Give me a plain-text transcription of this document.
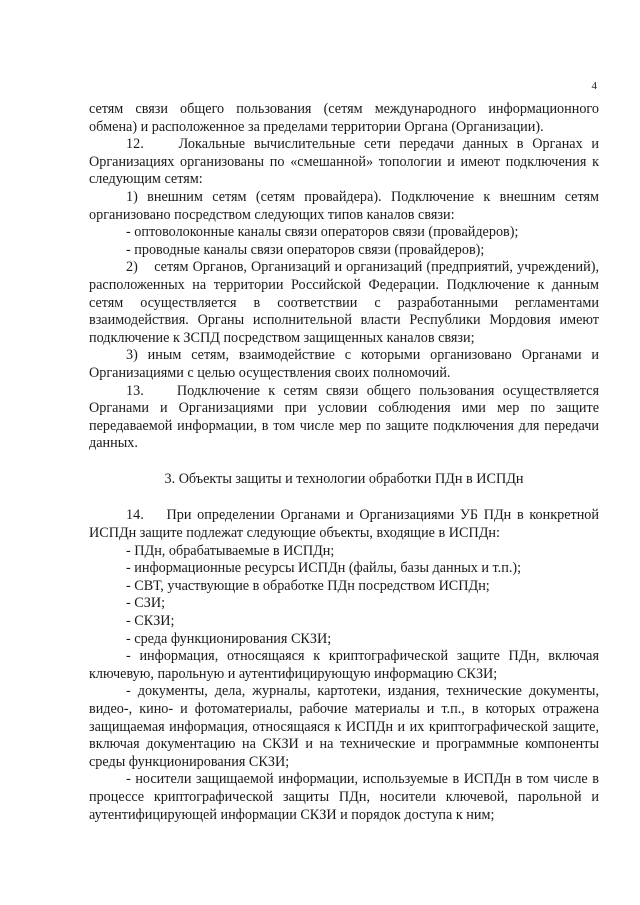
4

сетям связи общего пользования (сетям международного информационного обмена) и расположенное за пределами территории Органа (Организации).

12.    Локальные вычислительные сети передачи данных в Органах и Организациях организованы по «смешанной» топологии и имеют подключения к следующим сетям:

1) внешним сетям (сетям провайдера). Подключение к внешним сетям организовано посредством следующих типов каналов связи:

- оптоволоконные каналы связи операторов связи (провайдеров);

- проводные каналы связи операторов связи (провайдеров);

2)    сетям Органов, Организаций и организаций (предприятий, учреждений), расположенных на территории Российской Федерации. Подключение к данным сетям осуществляется в соответствии с разработанными регламентами взаимодействия. Органы исполнительной власти Республики Мордовия имеют подключение к ЗСПД посредством защищенных каналов связи;

3) иным сетям, взаимодействие с которыми организовано Органами и Организациями с целью осуществления своих полномочий.

13.    Подключение к сетям связи общего пользования осуществляется Органами и Организациями при условии соблюдения ими мер по защите передаваемой информации, в том числе мер по защите подключения для передачи данных.

3. Объекты защиты и технологии обработки ПДн в ИСПДн

14.    При определении Органами и Организациями УБ ПДн в конкретной ИСПДн защите подлежат следующие объекты, входящие в ИСПДн:

- ПДн, обрабатываемые в ИСПДн;

- информационные ресурсы ИСПДн (файлы, базы данных и т.п.);

- СВТ, участвующие в обработке ПДн посредством ИСПДн;

- СЗИ;

- СКЗИ;

- среда функционирования СКЗИ;

- информация, относящаяся к криптографической защите ПДн, включая ключевую, парольную и аутентифицирующую информацию СКЗИ;

- документы, дела, журналы, картотеки, издания, технические документы, видео-, кино- и фотоматериалы, рабочие материалы и т.п., в которых отражена защищаемая информация, относящаяся к ИСПДн и их криптографической защите, включая документацию на СКЗИ и на технические и программные компоненты среды функционирования СКЗИ;

- носители защищаемой информации, используемые в ИСПДн в том числе в процессе криптографической защиты ПДн, носители ключевой, парольной и аутентифицирующей информации СКЗИ и порядок доступа к ним;
